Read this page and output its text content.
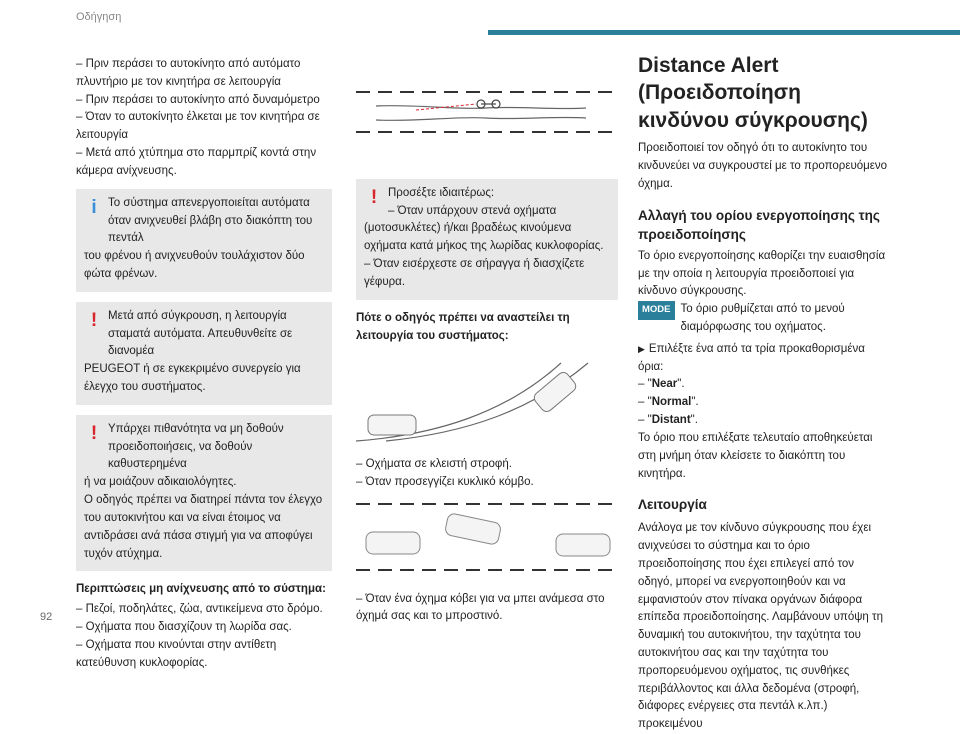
Οδήγηση
92

– Πριν περάσει το αυτοκίνητο από αυτόματο πλυντήριο με τον κινητήρα σε λειτουργία

– Πριν περάσει το αυτοκίνητο από δυναμόμετρο

– Όταν το αυτοκίνητο έλκεται με τον κινητήρα σε λειτουργία

– Μετά από χτύπημα στο παρμπρίζ κοντά στην κάμερα ανίχνευσης.

i Το σύστημα απενεργοποιείται αυτόματα όταν ανιχνευθεί βλάβη στο διακόπτη του πεντάλ

του φρένου ή ανιχνευθούν τουλάχιστον δύο φώτα φρένων.

! Μετά από σύγκρουση, η λειτουργία σταματά αυτόματα. Απευθυνθείτε σε διανομέα

PEUGEOT ή σε εγκεκριμένο συνεργείο για έλεγχο του συστήματος.

! Υπάρχει πιθανότητα να μη δοθούν προειδοποιήσεις, να δοθούν καθυστερημένα

ή να μοιάζουν αδικαιολόγητες.

Ο οδηγός πρέπει να διατηρεί πάντα τον έλεγχο του αυτοκινήτου και να είναι έτοιμος να αντιδράσει ανά πάσα στιγμή για να αποφύγει τυχόν ατύχημα.

Περιπτώσεις μη ανίχνευσης από το σύστημα:

– Πεζοί, ποδηλάτες, ζώα, αντικείμενα στο δρόμο.

– Οχήματα που διασχίζουν τη λωρίδα σας.

– Οχήματα που κινούνται στην αντίθετη κατεύθυνση κυκλοφορίας.

! Προσέξτε ιδιαιτέρως:

– Όταν υπάρχουν στενά οχήματα

(μοτοσυκλέτες) ή/και βραδέως κινούμενα οχήματα κατά μήκος της λωρίδας κυκλοφορίας.

– Όταν εισέρχεστε σε σήραγγα ή διασχίζετε γέφυρα.

Πότε ο οδηγός πρέπει να αναστείλει τη λειτουργία του συστήματος:

– Οχήματα σε κλειστή στροφή.

– Όταν προσεγγίζει κυκλικό κόμβο.

– Όταν ένα όχημα κόβει για να μπει ανάμεσα στο όχημά σας και το μπροστινό.

Distance Alert (Προειδοποίηση κινδύνου σύγκρουσης)

Προειδοποιεί τον οδηγό ότι το αυτοκίνητο του κινδυνεύει να συγκρουστεί με το προπορευόμενο όχημα.

Αλλαγή του ορίου ενεργοποίησης της προειδοποίησης

Το όριο ενεργοποίησης καθορίζει την ευαισθησία με την οποία η λειτουργία προειδοποιεί για κίνδυνο σύγκρουσης.

MODE Το όριο ρυθμίζεται από το μενού διαμόρφωσης του οχήματος.

▶ Επιλέξτε ένα από τα τρία προκαθορισμένα όρια:

– "Near".

– "Normal".

– "Distant".

Το όριο που επιλέξατε τελευταίο αποθηκεύεται στη μνήμη όταν κλείσετε το διακόπτη του κινητήρα.

Λειτουργία

Ανάλογα με τον κίνδυνο σύγκρουσης που έχει ανιχνεύσει το σύστημα και το όριο προειδοποίησης που έχει επιλεγεί από τον οδηγό, μπορεί να ενεργοποιηθούν και να εμφανιστούν στον πίνακα οργάνων διάφορα επίπεδα προειδοποίησης. Λαμβάνουν υπόψη τη δυναμική του αυτοκινήτου, την ταχύτητα του αυτοκινήτου σας και την ταχύτητα του προπορευόμενου οχήματος, τις συνθήκες περιβάλλοντος και άλλα δεδομένα (στροφή, διάφορες ενέργειες στα πεντάλ κ.λπ.) προκειμένου
